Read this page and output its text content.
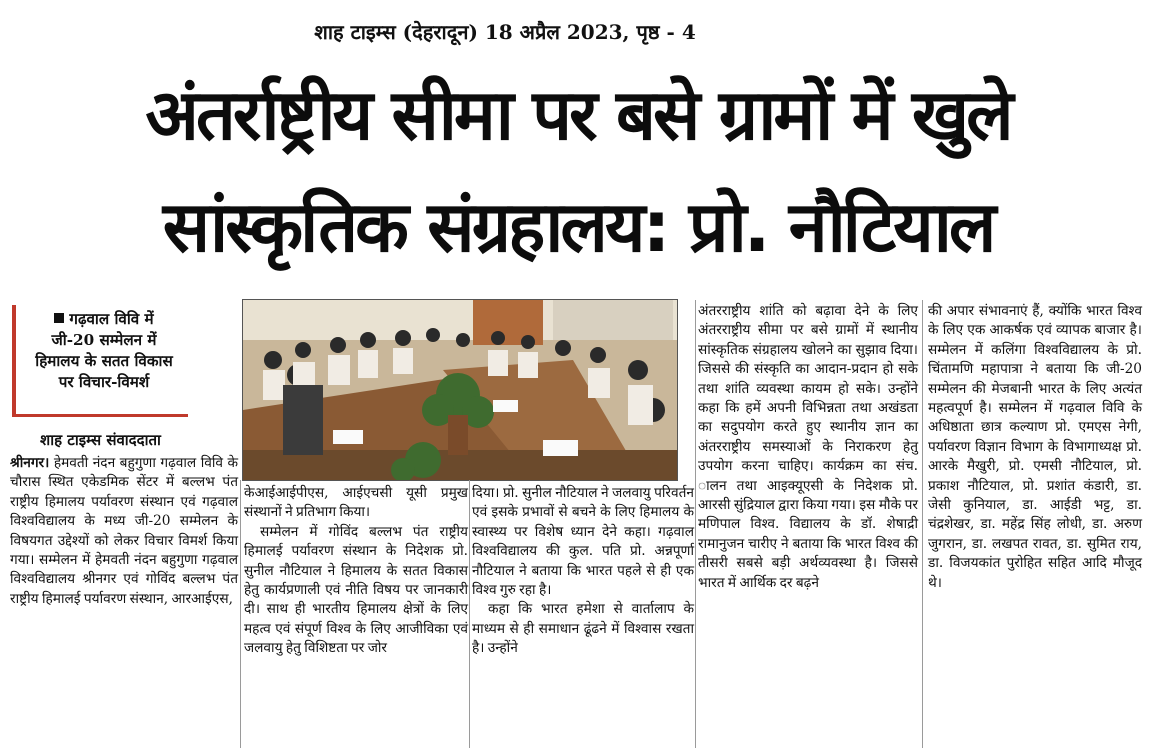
शाह टाइम्स (देहरादून) 18 अप्रैल 2023, पृष्ठ - 4
अंतर्राष्ट्रीय सीमा पर बसे ग्रामों में खुले
सांस्कृतिक संग्रहालय: प्रो. नौटियाल
गढ़वाल विवि में
जी-20 सम्मेलन में
हिमालय के सतत विकास
पर विचार-विमर्श
शाह टाइम्स संवाददाता

श्रीनगर। हेमवती नंदन बहुगुणा गढ़वाल विवि के चौरास स्थित एकेडमिक सेंटर में बल्लभ पंत राष्ट्रीय हिमालय पर्यावरण संस्थान एवं गढ़वाल विश्वविद्यालय के मध्य जी-20 सम्मेलन के विषयगत उद्देश्यों को लेकर विचार विमर्श किया गया। सम्मेलन में हेमवती नंदन बहुगुणा गढ़वाल विश्वविद्यालय श्रीनगर एवं गोविंद बल्लभ पंत राष्ट्रीय हिमालई पर्यावरण संस्थान, आरआईएस,

केआईआईपीएस, आईएचसी यूसी प्रमुख संस्थानों ने प्रतिभाग किया।

सम्मेलन में गोविंद बल्लभ पंत राष्ट्रीय हिमालई पर्यावरण संस्थान के निदेशक प्रो. सुनील नौटियाल ने हिमालय के सतत विकास हेतु कार्यप्रणाली एवं नीति विषय पर जानकारी दी। साथ ही भारतीय हिमालय क्षेत्रों के लिए महत्व एवं संपूर्ण विश्व के लिए आजीविका एवं जलवायु हेतु विशिष्टता पर जोर

दिया। प्रो. सुनील नौटियाल ने जलवायु परिवर्तन एवं इसके प्रभावों से बचने के लिए हिमालय के स्वास्थ्य पर विशेष ध्यान देने कहा। गढ़वाल विश्वविद्यालय की कुल. पति प्रो. अन्नपूर्णा नौटियाल ने बताया कि भारत पहले से ही एक विश्व गुरु रहा है।

कहा कि भारत हमेशा से वार्तालाप के माध्यम से ही समाधान ढूंढने में विश्वास रखता है। उन्होंने

अंतरराष्ट्रीय शांति को बढ़ावा देने के लिए अंतरराष्ट्रीय सीमा पर बसे ग्रामों में स्थानीय सांस्कृतिक संग्रहालय खोलने का सुझाव दिया। जिससे की संस्कृति का आदान-प्रदान हो सके तथा शांति व्यवस्था कायम हो सके। उन्होंने कहा कि हमें अपनी विभिन्नता तथा अखंडता का सदुपयोग करते हुए स्थानीय ज्ञान का अंतरराष्ट्रीय समस्याओं के निराकरण हेतु उपयोग करना चाहिए। कार्यक्रम का संच. ालन तथा आइक्यूएसी के निदेशक प्रो. आरसी सुंद्रियाल द्वारा किया गया। इस मौके पर मणिपाल विश्व. विद्यालय के डॉ. शेषाद्री रामानुजन चारीए ने बताया कि भारत विश्व की तीसरी सबसे बड़ी अर्थव्यवस्था है। जिससे भारत में आर्थिक दर बढ़ने

की अपार संभावनाएं हैं, क्योंकि भारत विश्व के लिए एक आकर्षक एवं व्यापक बाजार है। सम्मेलन में कलिंगा विश्वविद्यालय के प्रो. चिंतामणि महापात्रा ने बताया कि जी-20 सम्मेलन की मेजबानी भारत के लिए अत्यंत महत्वपूर्ण है। सम्मेलन में गढ़वाल विवि के अधिष्ठाता छात्र कल्याण प्रो. एमएस नेगी, पर्यावरण विज्ञान विभाग के विभागाध्यक्ष प्रो. आरके मैखुरी, प्रो. एमसी नौटियाल, प्रो. प्रकाश नौटियाल, प्रो. प्रशांत कंडारी, डा. जेसी कुनियाल, डा. आईडी भट्ट, डा. चंद्रशेखर, डा. महेंद्र सिंह लोधी, डा. अरुण जुगरान, डा. लखपत रावत, डा. सुमित राय, डा. विजयकांत पुरोहित सहित आदि मौजूद थे।
